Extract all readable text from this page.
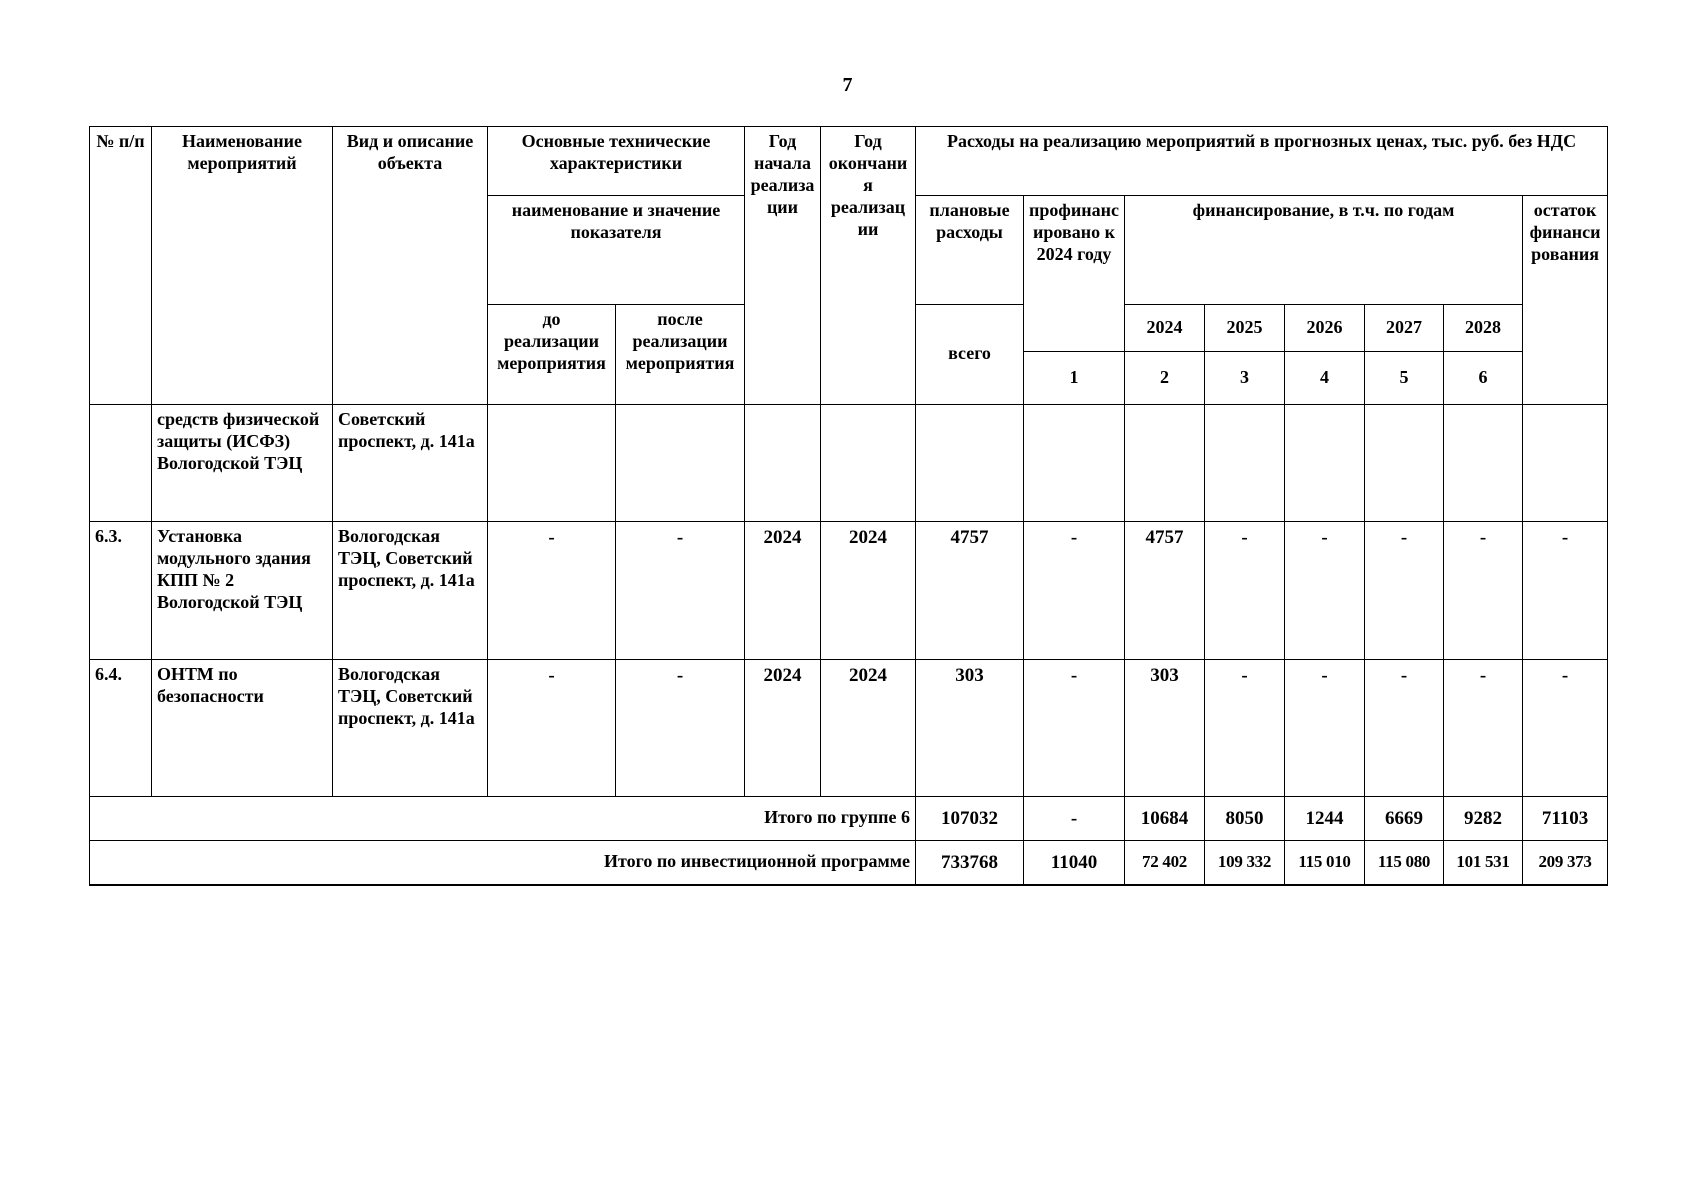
7
№ п/п	Наименование мероприятий	Вид и описание объекта	Основные технические характеристики		Год начала реализации	Год окончания реализации	Расходы на реализацию мероприятий в прогнозных ценах, тыс. руб. без НДС								
			наименование и значение показателя				плановые расходы	профинансировано к 2024 году	финансирование, в т.ч. по годам					остаток финансирования	
			до реализации мероприятия	после реализации мероприятия			всего								
									2024	2025	2026	2027	2028		
								1	2	3	4	5	6									
	средств физической защиты (ИСФЗ) Вологодской ТЭЦ	Советский проспект, д. 141а													
6.3.	Установка модульного здания КПП № 2 Вологодской ТЭЦ	Вологодская ТЭЦ, Советский проспект, д. 141а	-	-	2024	2024	4757	-	4757	-	-	-	-	-	
6.4.	ОНТМ по безопасности	Вологодская ТЭЦ, Советский проспект, д. 141а	-	-	2024	2024	303	-	303	-	-	-	-	-	
Итого по группе 6							107032	-	10684	8050	1244	6669	9282	71103	
Итого по инвестиционной программе							733768	11040	72 402	109 332	115 010	115 080	101 531	209 373	
